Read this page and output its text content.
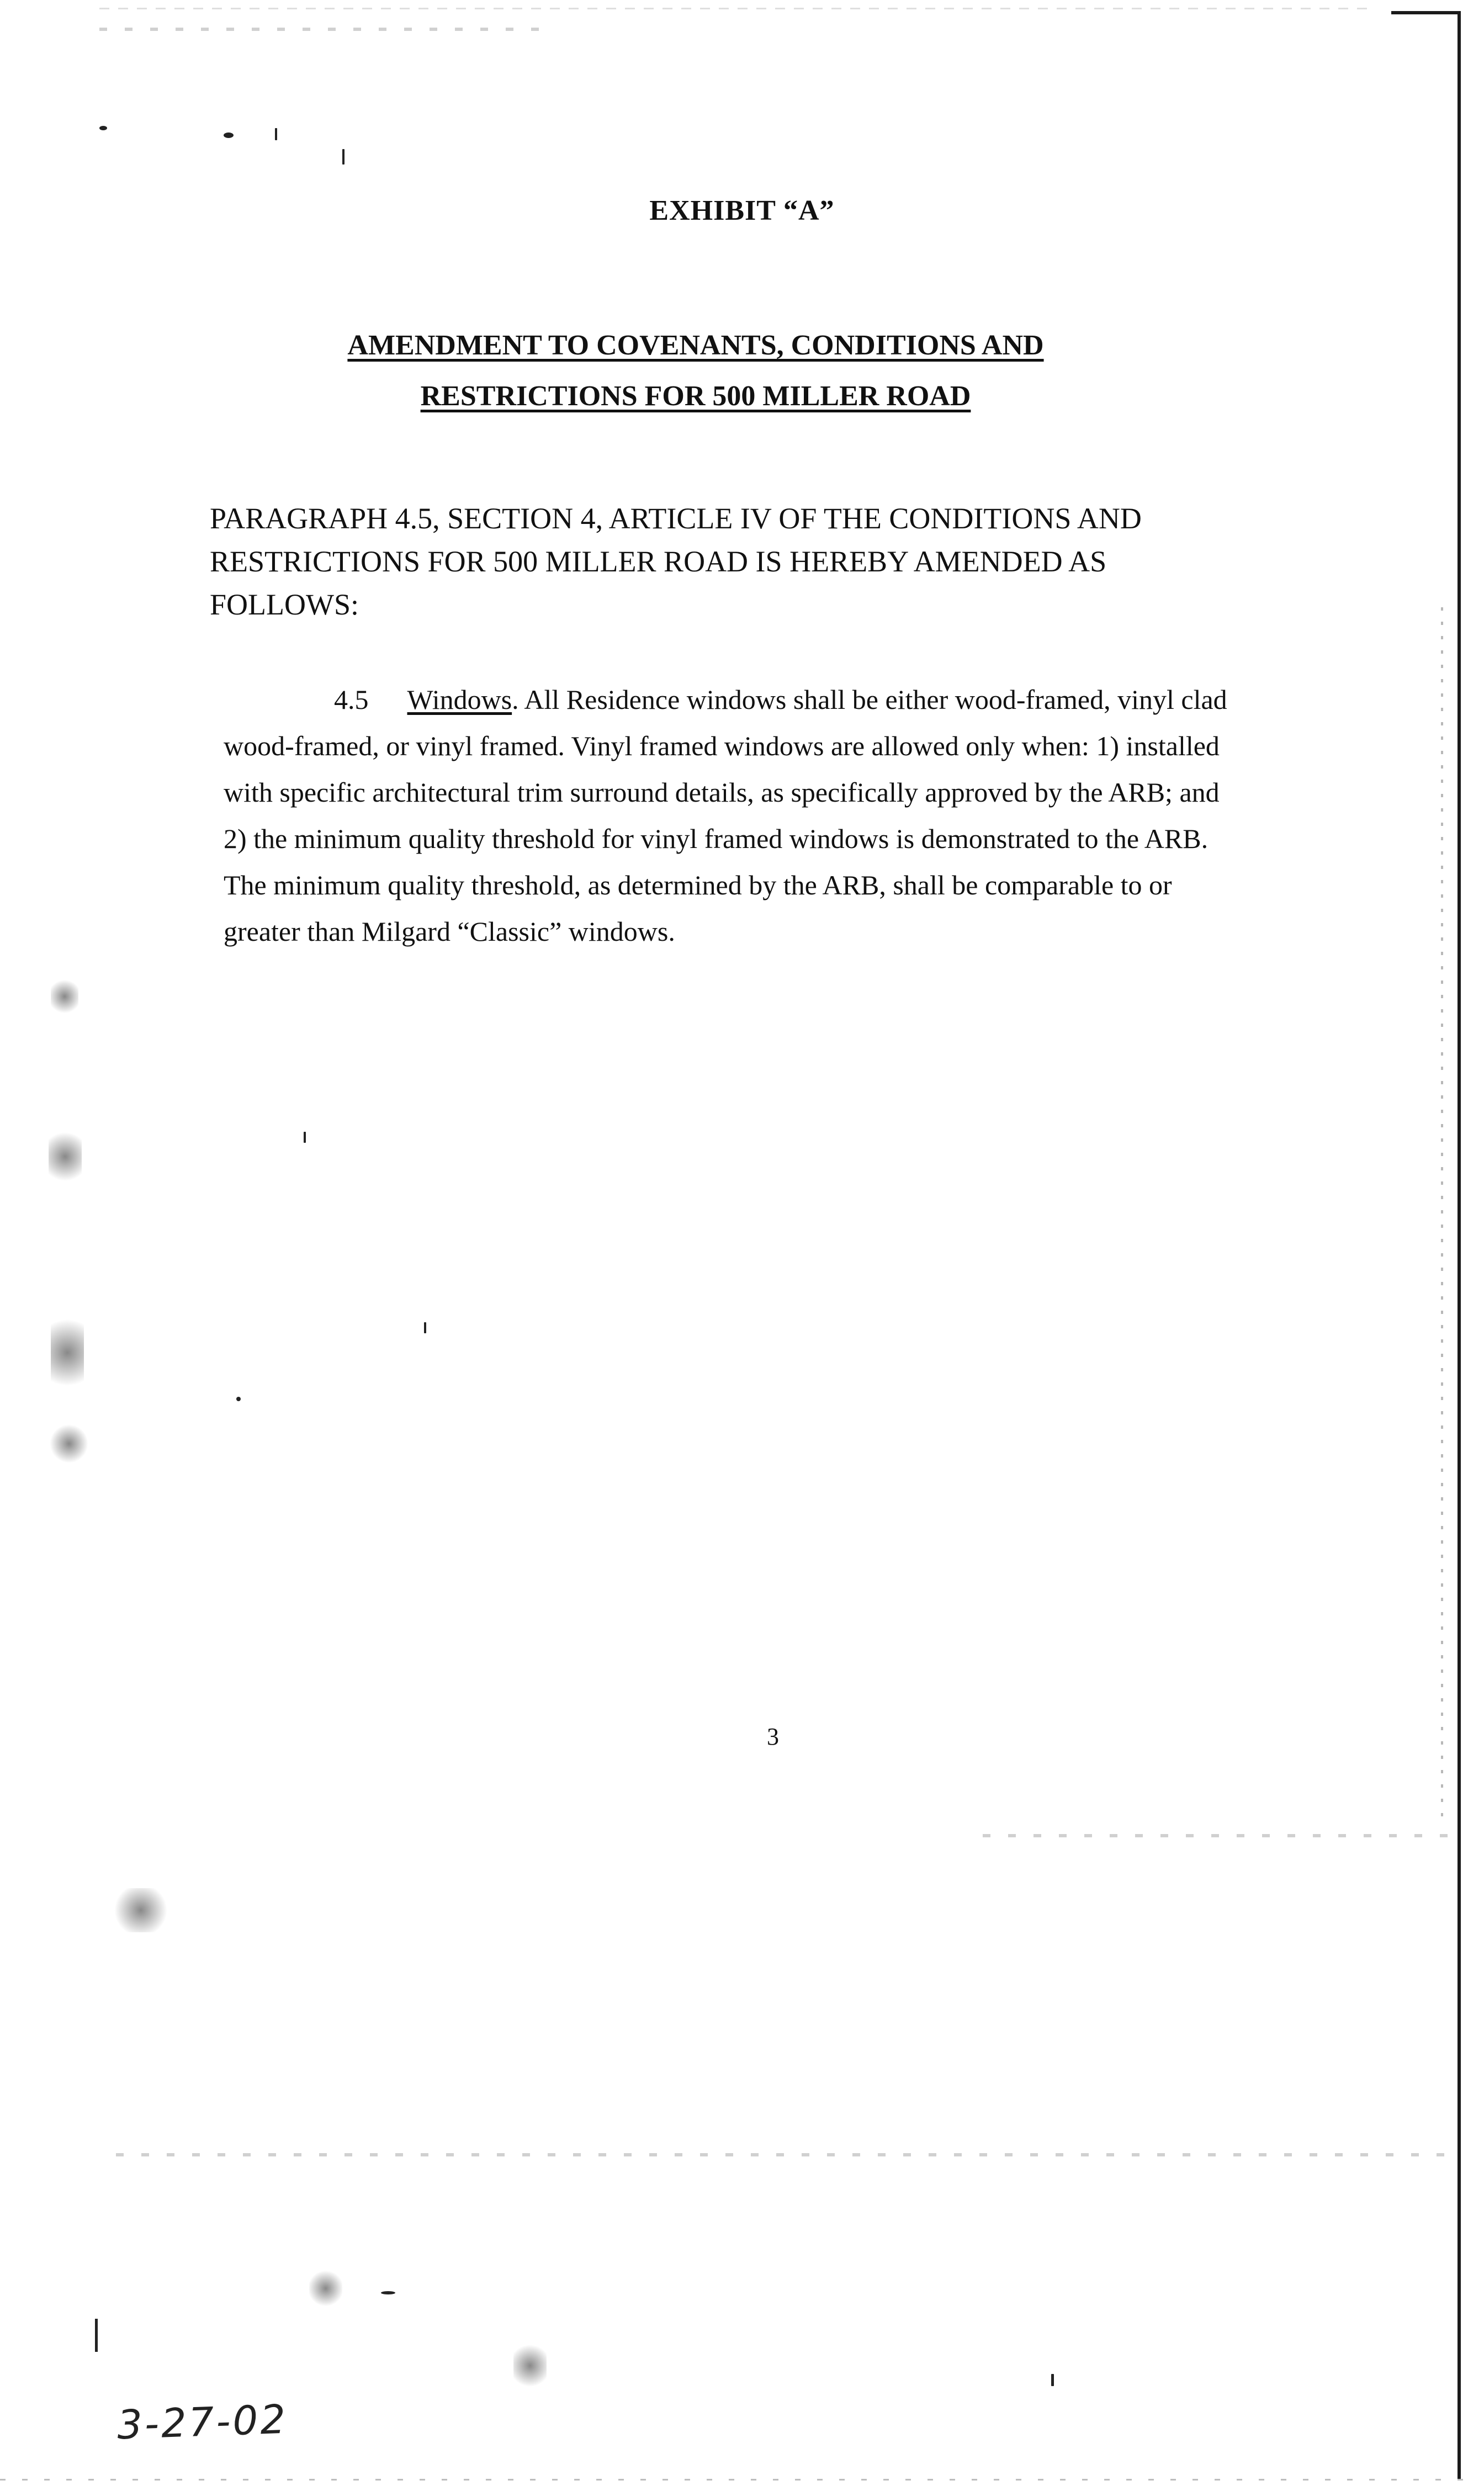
EXHIBIT “A”
AMENDMENT TO COVENANTS, CONDITIONS AND
RESTRICTIONS FOR 500 MILLER ROAD
PARAGRAPH 4.5, SECTION 4, ARTICLE IV OF THE CONDITIONS AND RESTRICTIONS FOR 500 MILLER ROAD IS HEREBY AMENDED AS FOLLOWS:
4.5 Windows. All Residence windows shall be either wood-framed, vinyl clad wood-framed, or vinyl framed. Vinyl framed windows are allowed only when: 1) installed with specific architectural trim surround details, as specifically approved by the ARB; and 2) the minimum quality threshold for vinyl framed windows is demonstrated to the ARB. The minimum quality threshold, as determined by the ARB, shall be comparable to or greater than Milgard “Classic” windows.
3
3-27-02
